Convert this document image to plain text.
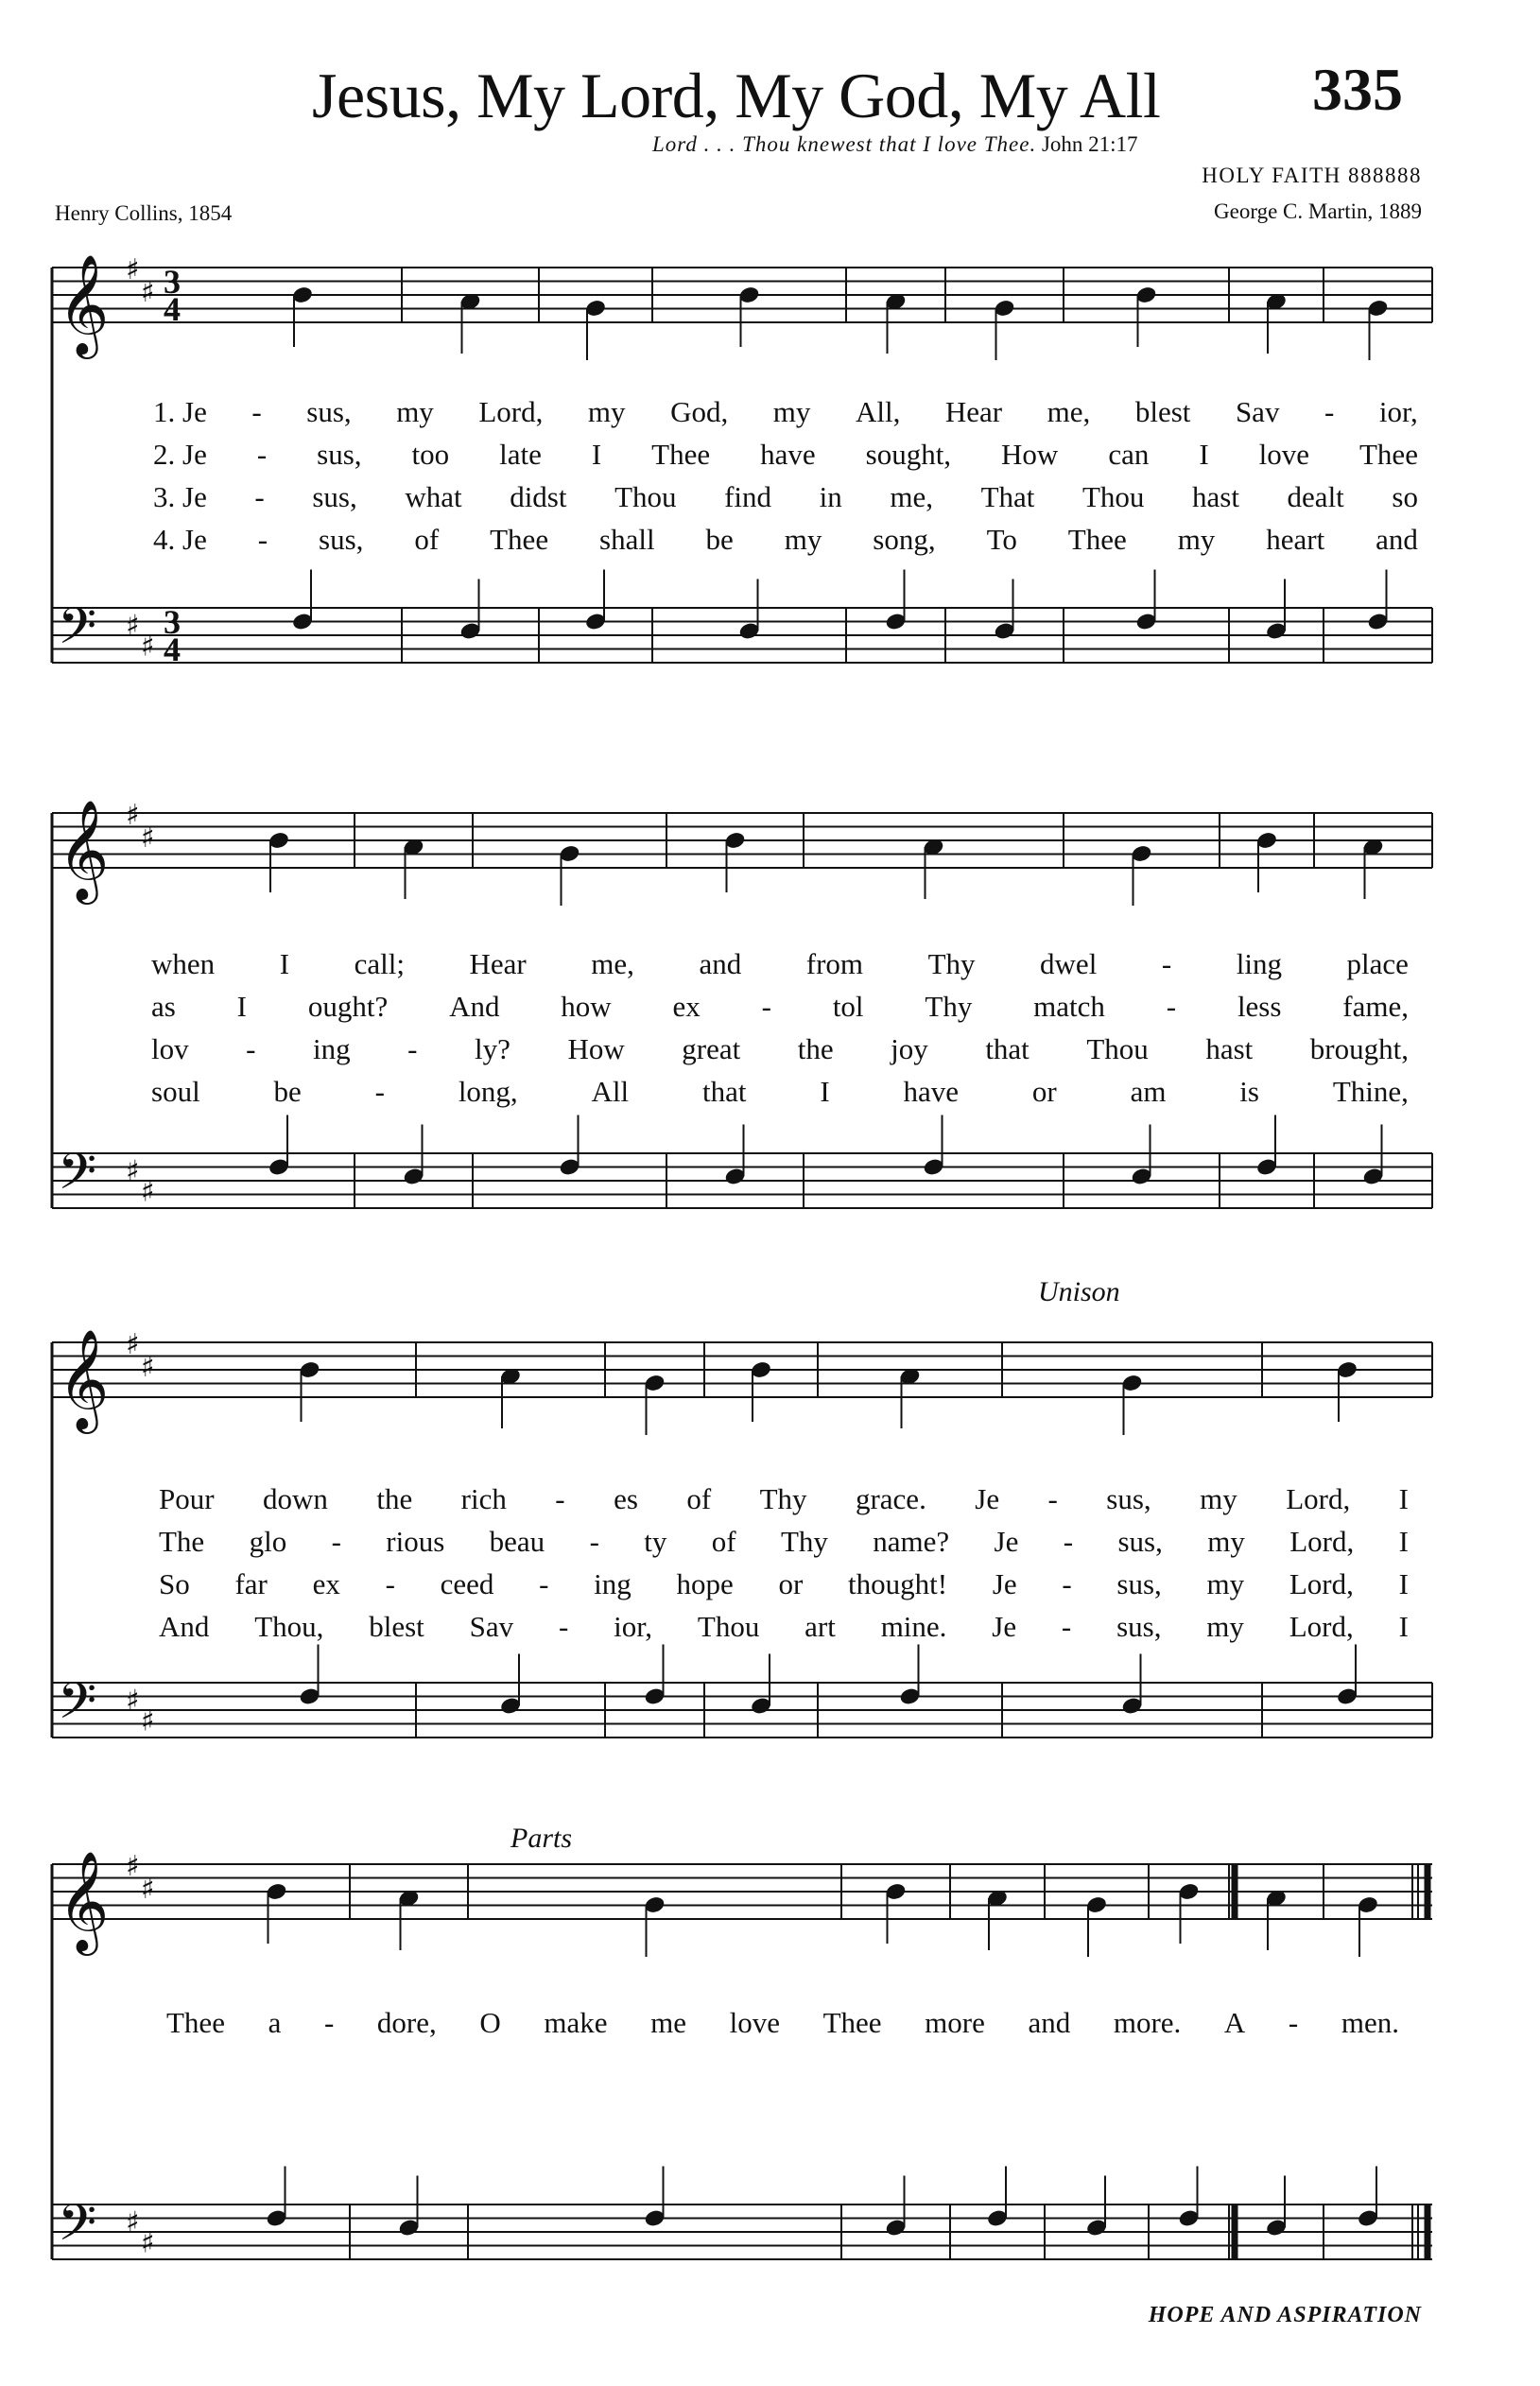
Jesus, My Lord, My God, My All	335
Lord . . . Thou knewest that I love Thee. John 21:17
HOLY FAITH 888888
Henry Collins, 1854	George C. Martin, 1889
𝄞 ♯
♯ 3
4
𝄢 ♯
♯
3
4
𝄞 ♯
♯
𝄢 ♯
♯
𝄞 ♯
♯
𝄢 ♯
♯
𝄞 ♯
♯
𝄢 ♯
♯
Unison
Parts
1. Je - sus, my Lord, my God, my All, Hear me, blest Sav - ior,
2. Je - sus, too late I Thee have sought, How can I love Thee
3. Je - sus, what didst Thou find in me, That Thou hast dealt so
4. Je - sus, of Thee shall be my song, To Thee my heart and
when I call; Hear me, and from Thy dwel - ling place
as I ought? And how ex - tol Thy match - less fame,
lov - ing - ly? How great the joy that Thou hast brought,
soul	be	-	long,	All	that	I	have	or	am	is	Thine,
Pour down the rich - es of Thy grace. Je - sus, my Lord, I
The glo - rious beau - ty of Thy name? Je - sus, my Lord, I
So far ex - ceed - ing hope or thought! Je - sus, my Lord, I
And Thou, blest Sav - ior, Thou art mine. Je - sus, my Lord, I
Thee a - dore, O make me love Thee more and more. A - men.
HOPE AND ASPIRATION
